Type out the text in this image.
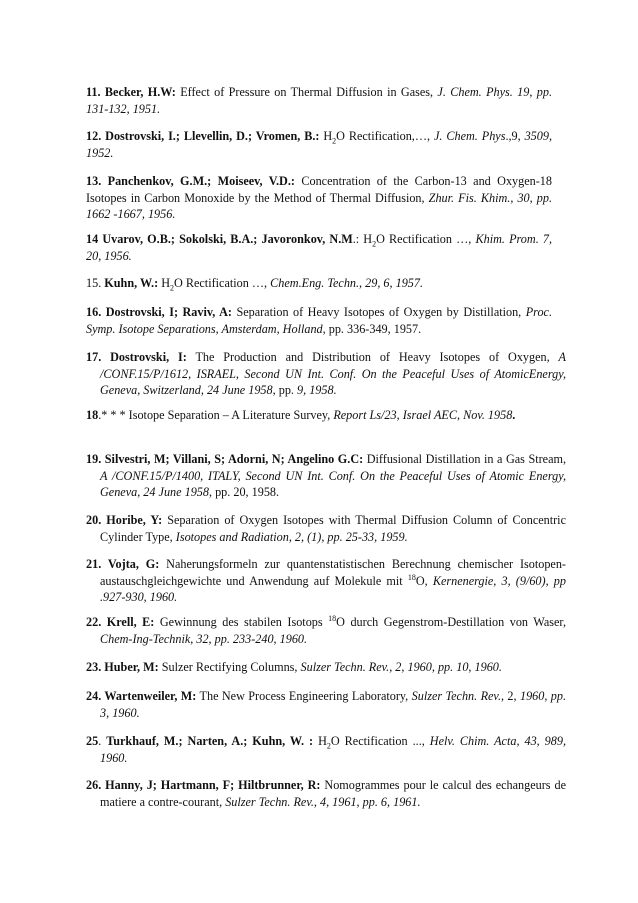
11. Becker, H.W: Effect of Pressure on Thermal Diffusion in Gases, J. Chem. Phys. 19, pp. 131-132, 1951.

12. Dostrovski, I.; Llevellin, D.; Vromen, B.: $H_2O$ Rectification,…, J. Chem. Phys.,9, 3509, 1952.

13. Panchenkov, G.M.; Moiseev, V.D.: Concentration of the Carbon-13 and Oxygen-18 Isotopes in Carbon Monoxide by the Method of Thermal Diffusion, Zhur. Fis. Khim., 30, pp. 1662 -1667, 1956.

14 Uvarov, O.B.; Sokolski, B.A.; Javoronkov, N.M.: $H_2O$ Rectification …, Khim. Prom. 7, 20, 1956.

15. Kuhn, W.: $H_2O$ Rectification …, Chem.Eng. Techn., 29, 6, 1957.

16. Dostrovski, I; Raviv, A: Separation of Heavy Isotopes of Oxygen by Distillation, Proc. Symp. Isotope Separations, Amsterdam, Holland, pp. 336-349, 1957.

17. Dostrovski, I: The Production and Distribution of Heavy Isotopes of Oxygen, A /CONF.15/P/1612, ISRAEL, Second UN Int. Conf. On the Peaceful Uses of AtomicEnergy, Geneva, Switzerland, 24 June 1958, pp. 9, 1958.

18.* * * Isotope Separation – A Literature Survey, Report Ls/23, Israel AEC, Nov. 1958.

19. Silvestri, M; Villani, S; Adorni, N; Angelino G.C: Diffusional Distillation in a Gas Stream, A /CONF.15/P/1400, ITALY, Second UN Int. Conf. On the Peaceful Uses of Atomic Energy, Geneva, 24 June 1958, pp. 20, 1958.

20. Horibe, Y: Separation of Oxygen Isotopes with Thermal Diffusion Column of Concentric Cylinder Type, Isotopes and Radiation, 2, (1), pp. 25-33, 1959.

21. Vojta, G: Naherungsformeln zur quantenstatistischen Berechnung chemischer Isotopen-austauschgleichgewichte und Anwendung auf Molekule mit $^{18}$O, Kernenergie, 3, (9/60), pp .927-930, 1960.

22. Krell, E: Gewinnung des stabilen Isotops $^{18}$O durch Gegenstrom-Destillation von Waser, Chem-Ing-Technik, 32, pp. 233-240, 1960.

23. Huber, M: Sulzer Rectifying Columns, Sulzer Techn. Rev., 2, 1960, pp. 10, 1960.

24. Wartenweiler, M: The New Process Engineering Laboratory, Sulzer Techn. Rev., 2, 1960, pp. 3, 1960.

25. Turkhauf, M.; Narten, A.; Kuhn, W. : $H_2O$ Rectification ..., Helv. Chim. Acta, 43, 989, 1960.

26. Hanny, J; Hartmann, F; Hiltbrunner, R: Nomogrammes pour le calcul des echangeurs de matiere a contre-courant, Sulzer Techn. Rev., 4, 1961, pp. 6, 1961.
